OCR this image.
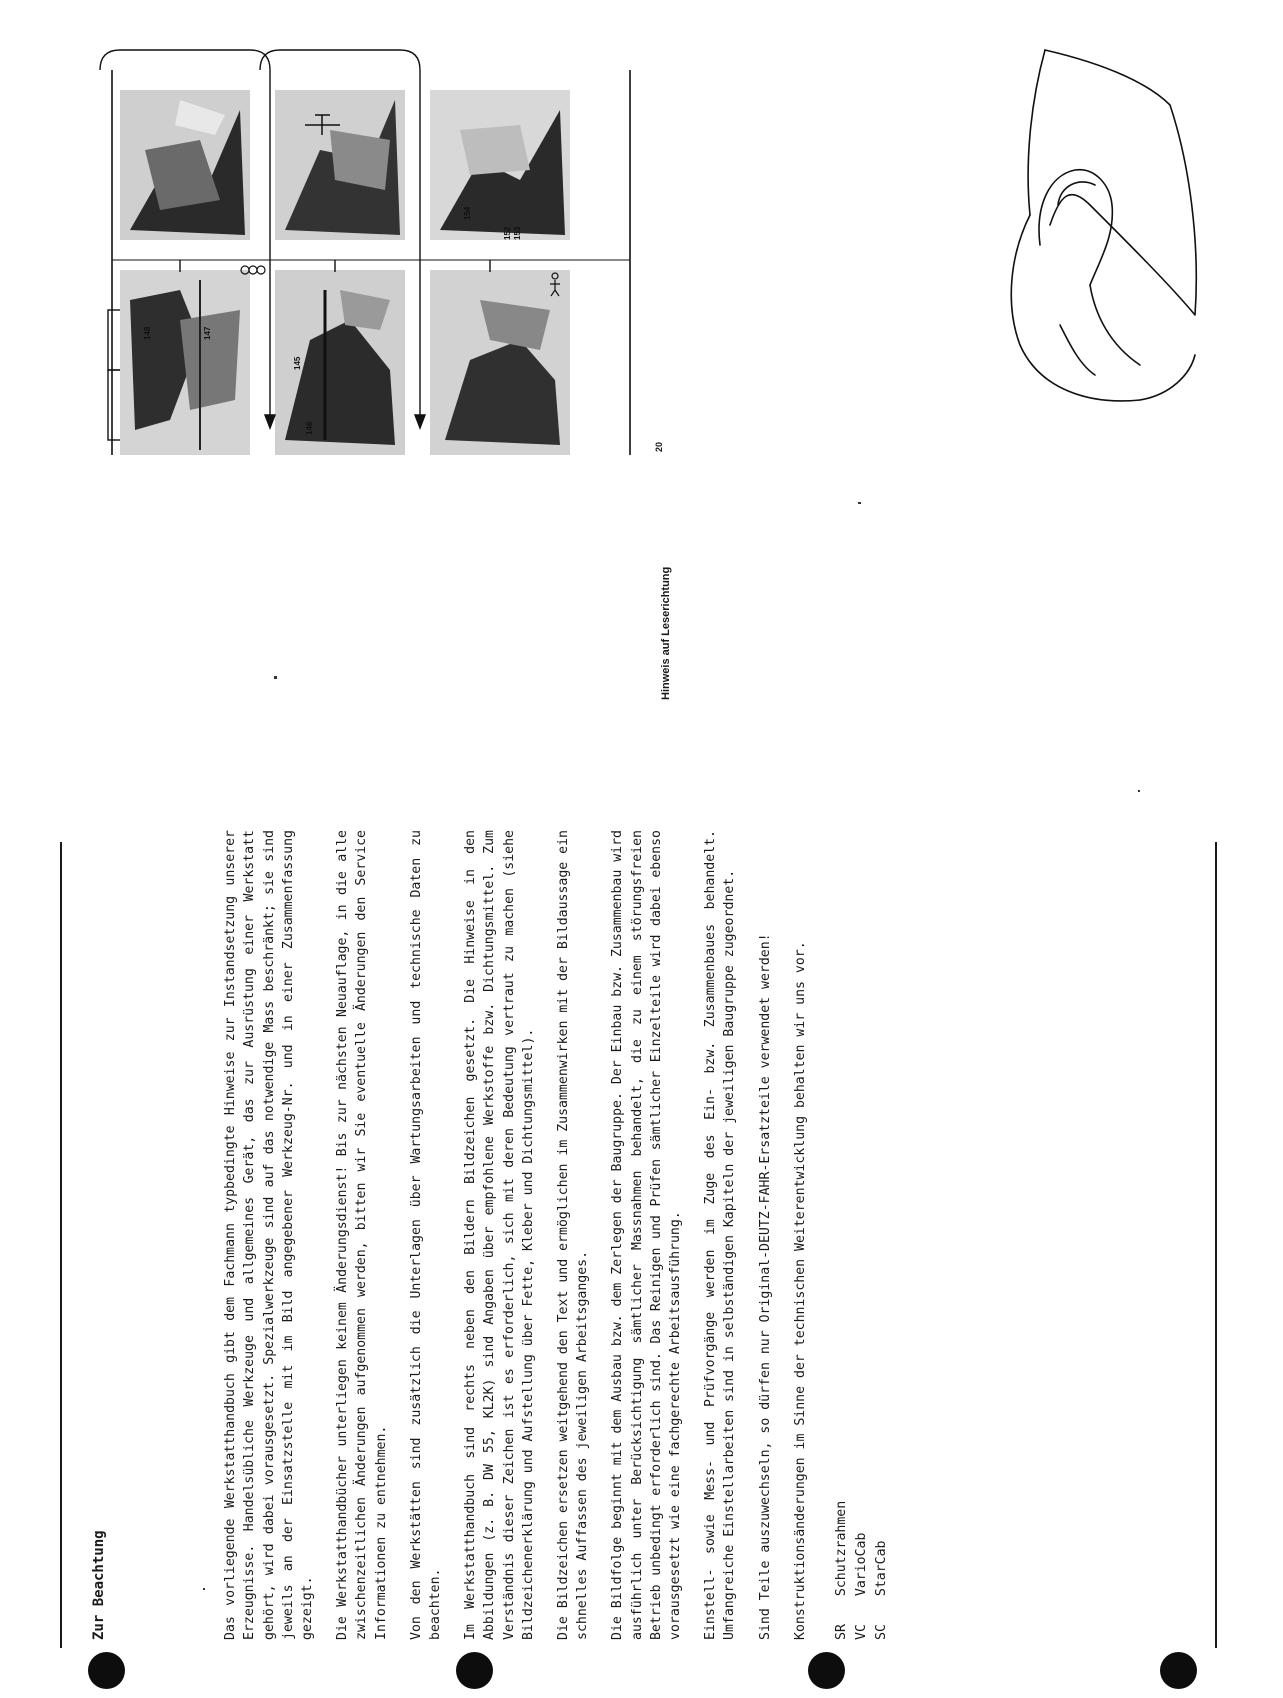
Zur Beachtung	Das vorliegende Werkstatthandbuch gibt dem Fachmann typbedingte Hinweise zur Instandsetzung unserer Erzeugnisse. Handelsübliche Werkzeuge und allgemeines Gerät, das zur Ausrüstung einer Werkstatt gehört, wird dabei vorausgesetzt. Spezialwerkzeuge sind auf das notwendige Mass beschränkt; sie sind jeweils an der Einsatzstelle mit im Bild angegebener Werkzeug-Nr. und in einer Zusammenfassung gezeigt. Die Werkstatthandbücher unterliegen keinem Änderungsdienst! Bis zur nächsten Neuauflage, in die alle zwischenzeitlichen Änderungen aufgenommen werden, bitten wir Sie eventuelle Änderungen den Service Informationen zu entnehmen. Von den Werkstätten sind zusätzlich die Unterlagen über Wartungsarbeiten und technische Daten zu beachten. Im Werkstatthandbuch sind rechts neben den Bildern Bildzeichen gesetzt. Die Hinweise in den Abbildungen (z. B. DW 55, KL2K) sind Angaben über empfohlene Werkstoffe bzw. Dichtungsmittel. Zum Verständnis dieser Zeichen ist es erforderlich, sich mit deren Bedeutung vertraut zu machen (siehe Bildzeichenerklärung und Aufstellung über Fette, Kleber und Dichtungsmittel). Die Bildzeichen ersetzen weitgehend den Text und ermöglichen im Zusammenwirken mit der Bildaussage ein schnelles Auffassen des jeweiligen Arbeitsganges. Die Bildfolge beginnt mit dem Ausbau bzw. dem Zerlegen der Baugruppe. Der Einbau bzw. Zusammenbau wird ausführlich unter Berücksichtigung sämtlicher Massnahmen behandelt, die zu einem störungsfreien Betrieb unbedingt erforderlich sind. Das Reinigen und Prüfen sämtlicher Einzelteile wird dabei ebenso vorausgesetzt wie eine fachgerechte Arbeitsausführung. Einstell- sowie Mess- und Prüfvorgänge werden im Zuge des Ein- bzw. Zusammenbaues behandelt. Umfangreiche Einstellarbeiten sind in selbständigen Kapiteln der jeweiligen Baugruppe zugeordnet. Sind Teile auszuwechseln, so dürfen nur Original-DEUTZ-FAHR-Ersatzteile verwendet werden! Konstruktionsänderungen im Sinne der technischen Weiterentwicklung behalten wir uns vor. SR	Schutzrahmen
VC	VarioCab
SC	StarCab
Hinweis auf Leserichtung
20
148	147
145
146
154
152 153
